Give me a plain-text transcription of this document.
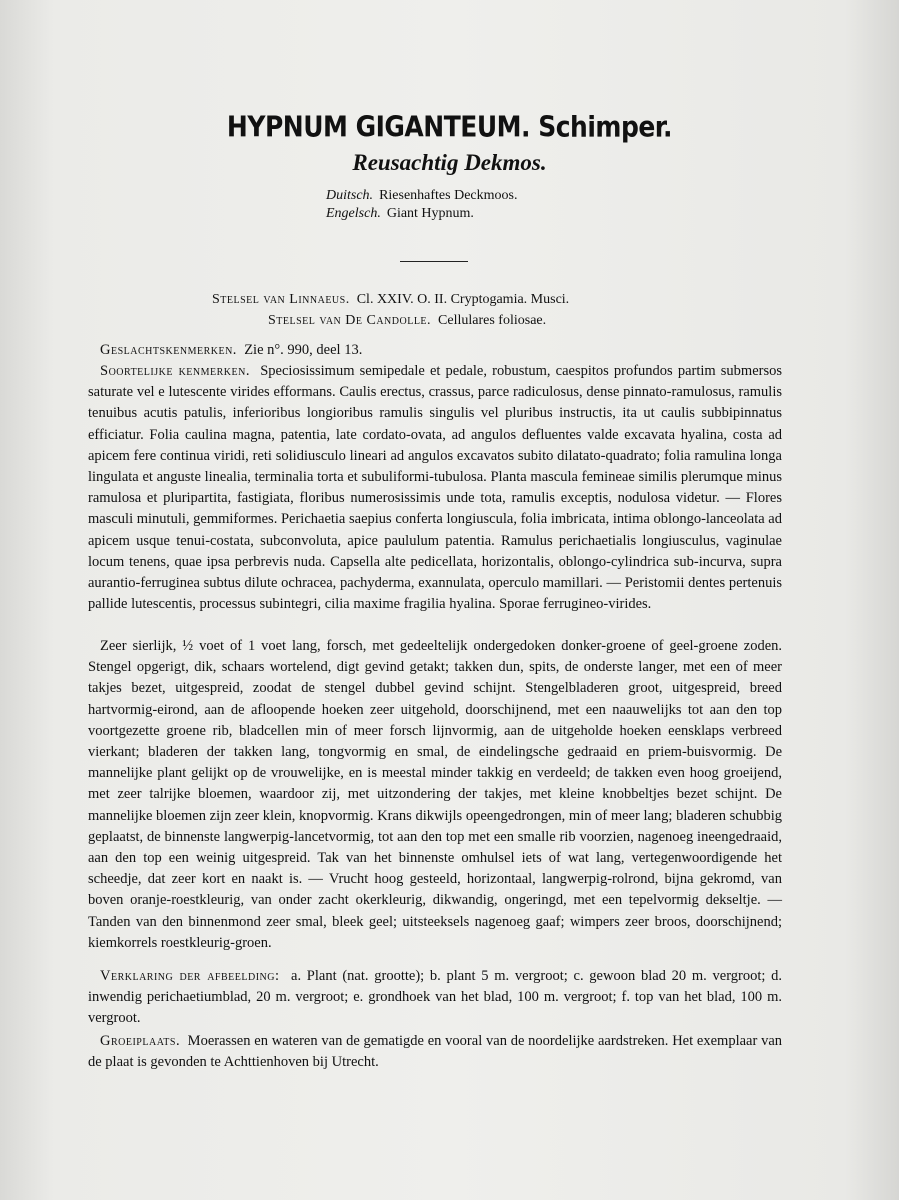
HYPNUM GIGANTEUM. Schimper.
Reusachtig Dekmos.
Duitsch. Riesenhaftes Deckmoos.
Engelsch. Giant Hypnum.
Stelsel van Linnaeus. Cl. XXIV. O. II. Cryptogamia. Musci.
Stelsel van De Candolle. Cellulares foliosae.

Geslachtskenmerken. Zie n°. 990, deel 13.

Soortelijke kenmerken. Speciosissimum semipedale et pedale, robustum, caespitos profundos partim submersos saturate vel e lutescente virides efformans. Caulis erectus, crassus, parce radiculosus, dense pinnato-ramulosus, ramulis tenuibus acutis patulis, inferioribus longioribus ramulis singulis vel pluribus instructis, ita ut caulis subbipinnatus efficiatur. Folia caulina magna, patentia, late cordato-ovata, ad angulos defluentes valde excavata hyalina, costa ad apicem fere continua viridi, reti solidiusculo lineari ad angulos excavatos subito dilatato-quadrato; folia ramulina longa lingulata et anguste linealia, terminalia torta et subuliformi-tubulosa. Planta mascula femineae similis plerumque minus ramulosa et pluripartita, fastigiata, floribus numerosissimis unde tota, ramulis exceptis, nodulosa videtur. — Flores masculi minutuli, gemmiformes. Perichaetia saepius conferta longiuscula, folia imbricata, intima oblongo-lanceolata ad apicem usque tenui-costata, subconvoluta, apice paululum patentia. Ramulus perichaetialis longiusculus, vaginulae locum tenens, quae ipsa perbrevis nuda. Capsella alte pedicellata, horizontalis, oblongo-cylindrica sub-incurva, supra aurantio-ferruginea subtus dilute ochracea, pachyderma, exannulata, operculo mamillari. — Peristomii dentes pertenuis pallide lutescentis, processus subintegri, cilia maxime fragilia hyalina. Sporae ferrugineo-virides.

Zeer sierlijk, ½ voet of 1 voet lang, forsch, met gedeeltelijk ondergedoken donker-groene of geel-groene zoden. Stengel opgerigt, dik, schaars wortelend, digt gevind getakt; takken dun, spits, de onderste langer, met een of meer takjes bezet, uitgespreid, zoodat de stengel dubbel gevind schijnt. Stengelbladeren groot, uitgespreid, breed hartvormig-eirond, aan de afloopende hoeken zeer uitgehold, doorschijnend, met een naauwelijks tot aan den top voortgezette groene rib, bladcellen min of meer forsch lijnvormig, aan de uitgeholde hoeken eensklaps verbreed vierkant; bladeren der takken lang, tongvormig en smal, de eindelingsche gedraaid en priem-buisvormig. De mannelijke plant gelijkt op de vrouwelijke, en is meestal minder takkig en verdeeld; de takken even hoog groeijend, met zeer talrijke bloemen, waardoor zij, met uitzondering der takjes, met kleine knobbeltjes bezet schijnt. De mannelijke bloemen zijn zeer klein, knopvormig. Krans dikwijls opeengedrongen, min of meer lang; bladeren schubbig geplaatst, de binnenste langwerpig-lancetvormig, tot aan den top met een smalle rib voorzien, nagenoeg ineengedraaid, aan den top een weinig uitgespreid. Tak van het binnenste omhulsel iets of wat lang, vertegenwoordigende het scheedje, dat zeer kort en naakt is. — Vrucht hoog gesteeld, horizontaal, langwerpig-rolrond, bijna gekromd, van boven oranje-roestkleurig, van onder zacht okerkleurig, dikwandig, ongeringd, met een tepelvormig dekseltje. — Tanden van den binnenmond zeer smal, bleek geel; uitsteeksels nagenoeg gaaf; wimpers zeer broos, doorschijnend; kiemkorrels roestkleurig-groen.

Verklaring der afbeelding: a. Plant (nat. grootte); b. plant 5 m. vergroot; c. gewoon blad 20 m. vergroot; d. inwendig perichaetiumblad, 20 m. vergroot; e. grondhoek van het blad, 100 m. vergroot; f. top van het blad, 100 m. vergroot.

Groeiplaats. Moerassen en wateren van de gematigde en vooral van de noordelijke aardstreken. Het exemplaar van de plaat is gevonden te Achttienhoven bij Utrecht.
